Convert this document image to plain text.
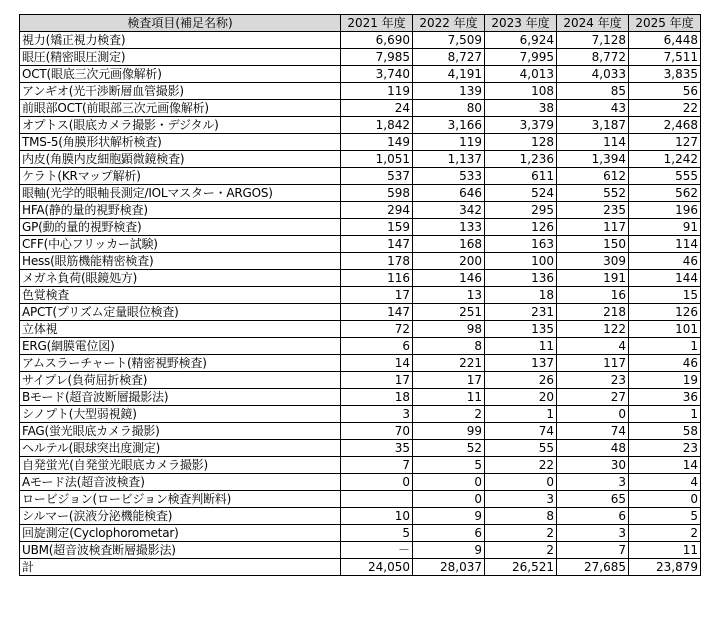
検査項目(補足名称)	2021 年度	2022 年度	2023 年度	2024 年度	2025 年度
視力(矯正視力検査)	6,690	7,509	6,924	7,128	6,448
眼圧(精密眼圧測定)	7,985	8,727	7,995	8,772	7,511
OCT(眼底三次元画像解析)	3,740	4,191	4,013	4,033	3,835
アンギオ(光干渉断層血管撮影)	119	139	108	85	56
前眼部OCT(前眼部三次元画像解析)	24	80	38	43	22
オプトス(眼底カメラ撮影・デジタル)	1,842	3,166	3,379	3,187	2,468
TMS-5(角膜形状解析検査)	149	119	128	114	127
内皮(角膜内皮細胞顕微鏡検査)	1,051	1,137	1,236	1,394	1,242
ケラト(KRマップ解析)	537	533	611	612	555
眼軸(光学的眼軸長測定/IOLマスター・ARGOS)	598	646	524	552	562
HFA(静的量的視野検査)	294	342	295	235	196
GP(動的量的視野検査)	159	133	126	117	91
CFF(中心フリッカー試験)	147	168	163	150	114
Hess(眼筋機能精密検査)	178	200	100	309	46
メガネ負荷(眼鏡処方)	116	146	136	191	144
色覚検査	17	13	18	16	15
APCT(プリズム定量眼位検査)	147	251	231	218	126
立体視	72	98	135	122	101
ERG(網膜電位図)	6	8	11	4	1
アムスラーチャート(精密視野検査)	14	221	137	117	46
サイプレ(負荷屈折検査)	17	17	26	23	19
Bモード(超音波断層撮影法)	18	11	20	27	36
シノプト(大型弱視鏡)	3	2	1	0	1
FAG(蛍光眼底カメラ撮影)	70	99	74	74	58
ヘルテル(眼球突出度測定)	35	52	55	48	23
自発蛍光(自発蛍光眼底カメラ撮影)	7	5	22	30	14
Aモード法(超音波検査)	0	0	0	3	4
ロービジョン(ロービジョン検査判断料)		0	3	65	0
シルマー(涙液分泌機能検査)	10	9	8	6	5
回旋測定(Cyclophorometar)	5	6	2	3	2
UBM(超音波検査断層撮影法)	－	9	2	7	11
計	24,050	28,037	26,521	27,685	23,879
